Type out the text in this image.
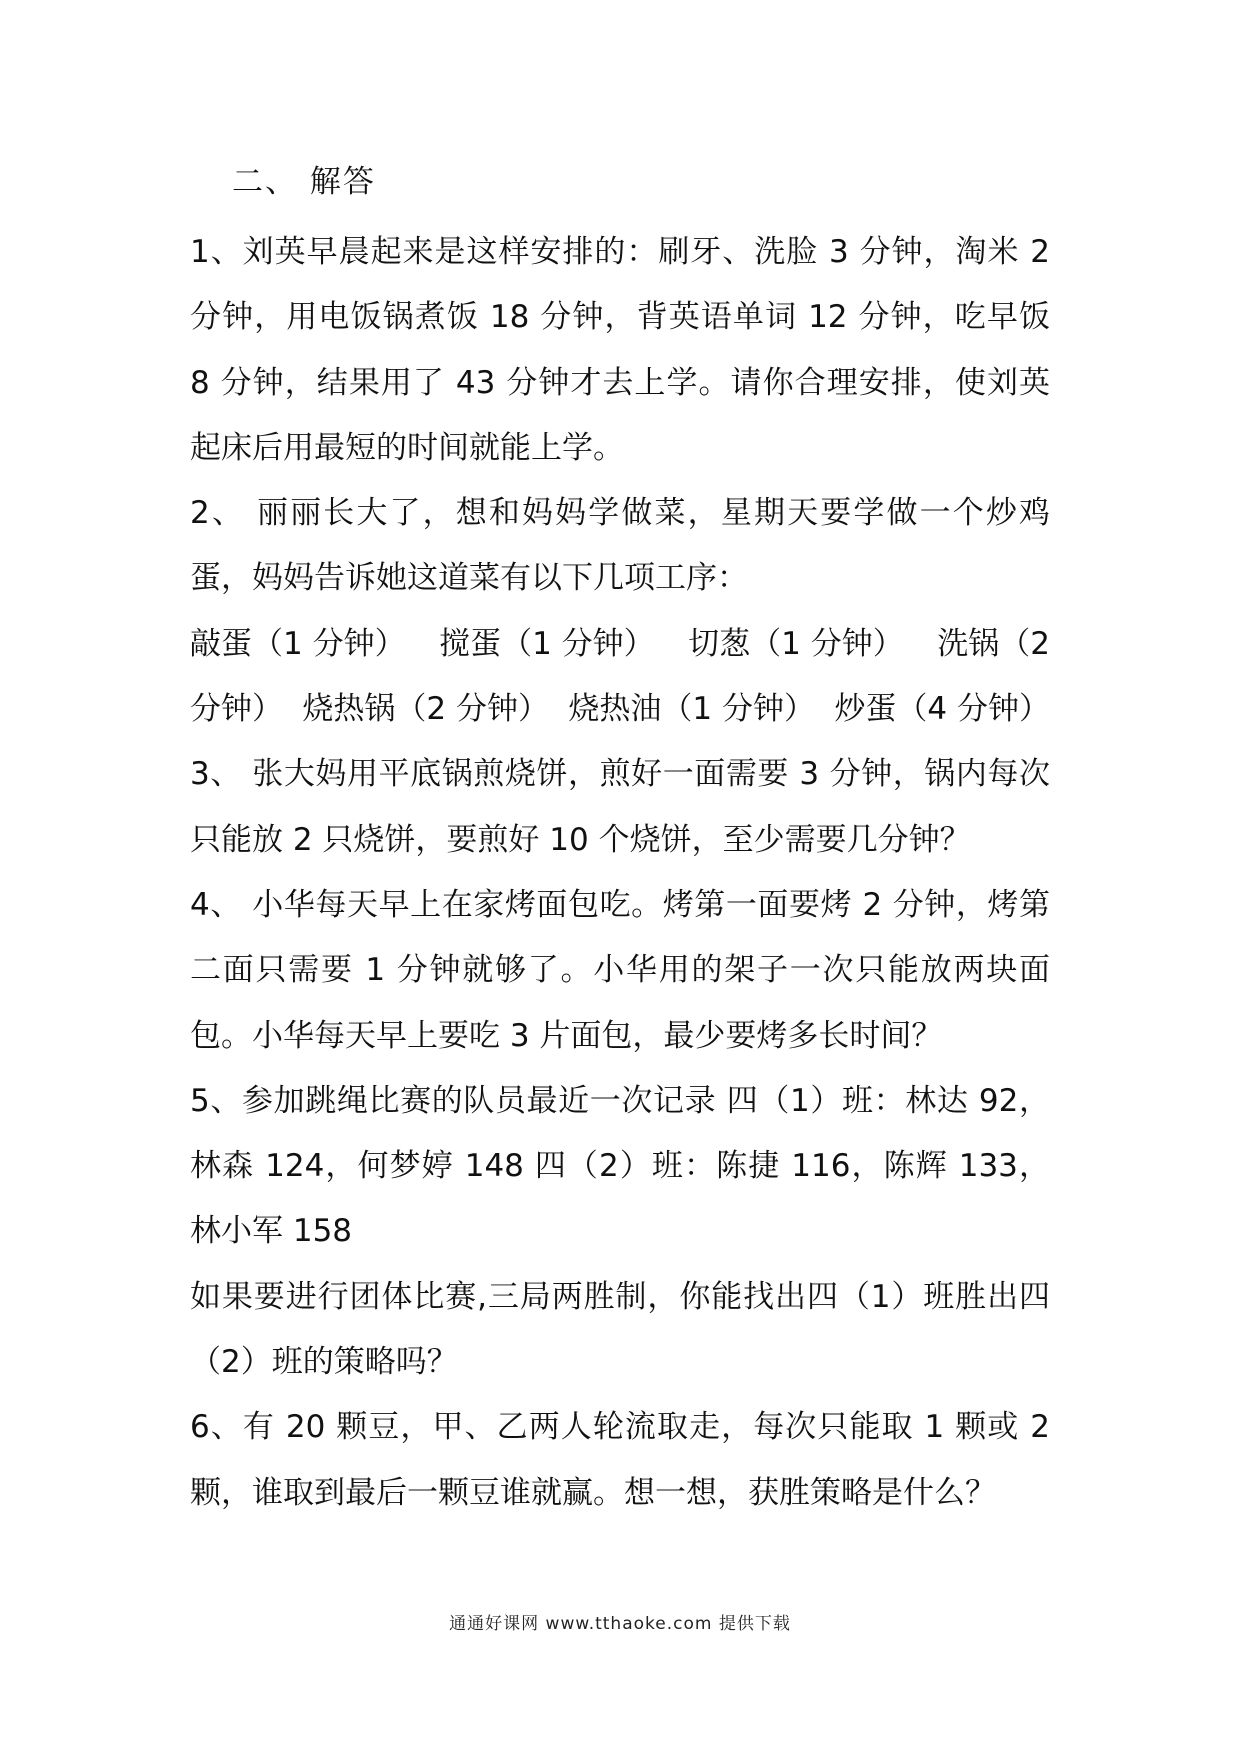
二、 解答

1、刘英早晨起来是这样安排的：刷牙、洗脸 3 分钟，淘米 2 分钟，用电饭锅煮饭 18 分钟，背英语单词 12 分钟，吃早饭 8 分钟，结果用了 43 分钟才去上学。请你合理安排，使刘英起床后用最短的时间就能上学。

2、 丽丽长大了，想和妈妈学做菜，星期天要学做一个炒鸡蛋，妈妈告诉她这道菜有以下几项工序：

敲蛋（1 分钟） 搅蛋（1 分钟） 切葱（1 分钟） 洗锅（2
分钟） 烧热锅（2 分钟） 烧热油（1 分钟） 炒蛋（4 分钟）

3、 张大妈用平底锅煎烧饼，煎好一面需要 3 分钟，锅内每次只能放 2 只烧饼，要煎好 10 个烧饼，至少需要几分钟？

4、 小华每天早上在家烤面包吃。烤第一面要烤 2 分钟，烤第二面只需要 1 分钟就够了。小华用的架子一次只能放两块面包。小华每天早上要吃 3 片面包，最少要烤多长时间？

5、参加跳绳比赛的队员最近一次记录 四（1）班：林达 92，林森 124，何梦婷 148 四（2）班：陈捷 116，陈辉 133，林小军 158

如果要进行团体比赛,三局两胜制，你能找出四（1）班胜出四（2）班的策略吗？

6、有 20 颗豆，甲、乙两人轮流取走，每次只能取 1 颗或 2 颗，谁取到最后一颗豆谁就赢。想一想，获胜策略是什么？

通通好课网 www.tthaoke.com 提供下载
